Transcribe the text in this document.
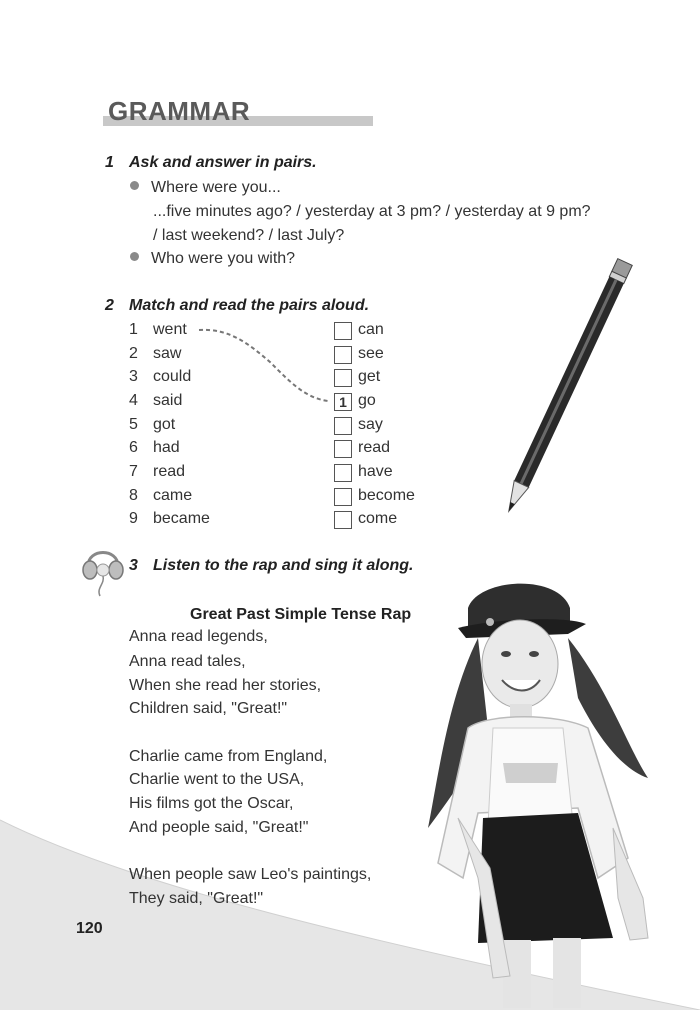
GRAMMAR
1 Ask and answer in pairs.
Where were you...
...five minutes ago? / yesterday at 3 pm? / yesterday at 9 pm?
/ last weekend? / last July?
Who were you with?
2 Match and read the pairs aloud.
1 went
2 saw
3 could
4 said
5 got
6 had
7 read
8 came
9 became
can
see
get
1 go
say
read
have
become
come
3 Listen to the rap and sing it along.
Great Past Simple Tense Rap
Anna read legends,
Anna read tales,
When she read her stories,
Children said, "Great!"
Charlie came from England,
Charlie went to the USA,
His films got the Oscar,
And people said, "Great!"
When people saw Leo's paintings,
They said, "Great!"
120
